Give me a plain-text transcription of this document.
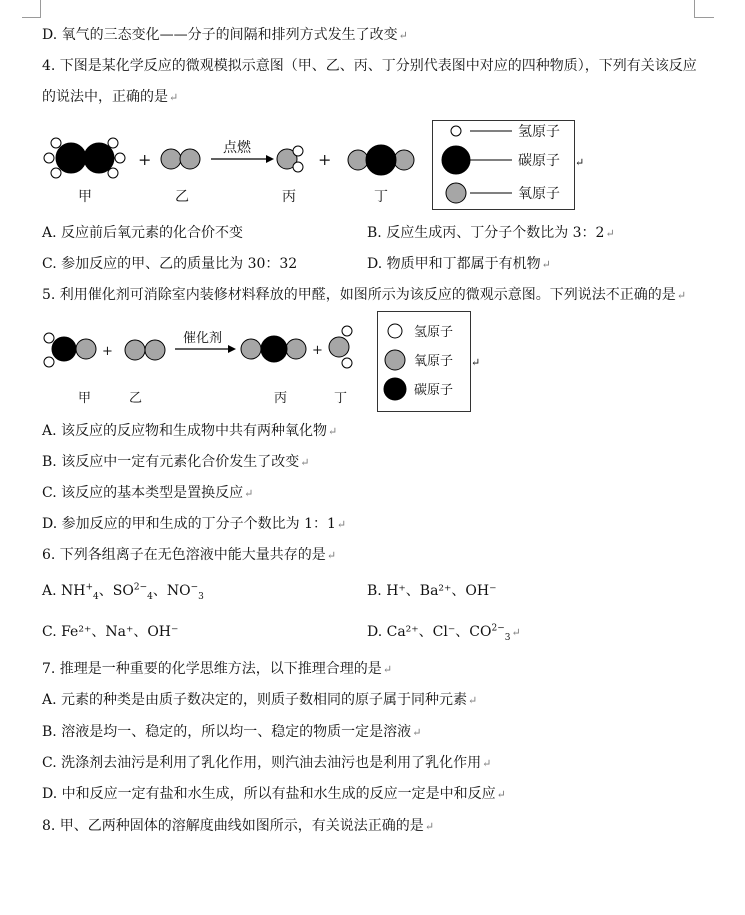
D. 氧气的三态变化——分子的间隔和排列方式发生了改变↵
4. 下图是某化学反应的微观模拟示意图（甲、乙、丙、丁分别代表图中对应的四种物质），下列有关该反应
的说法中，正确的是↵
+	+
点燃
甲	乙	丙	丁
氢原子
碳原子
氧原子
↵
A. 反应前后氧元素的化合价不变	B. 反应生成丙、丁分子个数比为 3：2↵
C. 参加反应的甲、乙的质量比为 30：32	D. 物质甲和丁都属于有机物↵
5. 利用催化剂可消除室内装修材料释放的甲醛，如图所示为该反应的微观示意图。下列说法不正确的是↵
+	+
催化剂
甲	乙	丙	丁
氢原子
氧原子
碳原子
↵
A. 该反应的反应物和生成物中共有两种氧化物↵
B. 该反应中一定有元素化合价发生了改变↵
C. 该反应的基本类型是置换反应↵
D. 参加反应的甲和生成的丁分子个数比为 1：1↵
6. 下列各组离子在无色溶液中能大量共存的是↵
A. $NH^+_4$、$SO^{2-}_4$、$NO^-_3$	B. H⁺、Ba²⁺、OH⁻
C. Fe²⁺、Na⁺、OH⁻	D. Ca²⁺、Cl⁻、$CO^{2-}_3↵$
7. 推理是一种重要的化学思维方法，以下推理合理的是↵
A. 元素的种类是由质子数决定的，则质子数相同的原子属于同种元素↵
B. 溶液是均一、稳定的，所以均一、稳定的物质一定是溶液↵
C. 洗涤剂去油污是利用了乳化作用，则汽油去油污也是利用了乳化作用↵
D. 中和反应一定有盐和水生成，所以有盐和水生成的反应一定是中和反应↵
8. 甲、乙两种固体的溶解度曲线如图所示，有关说法正确的是↵
